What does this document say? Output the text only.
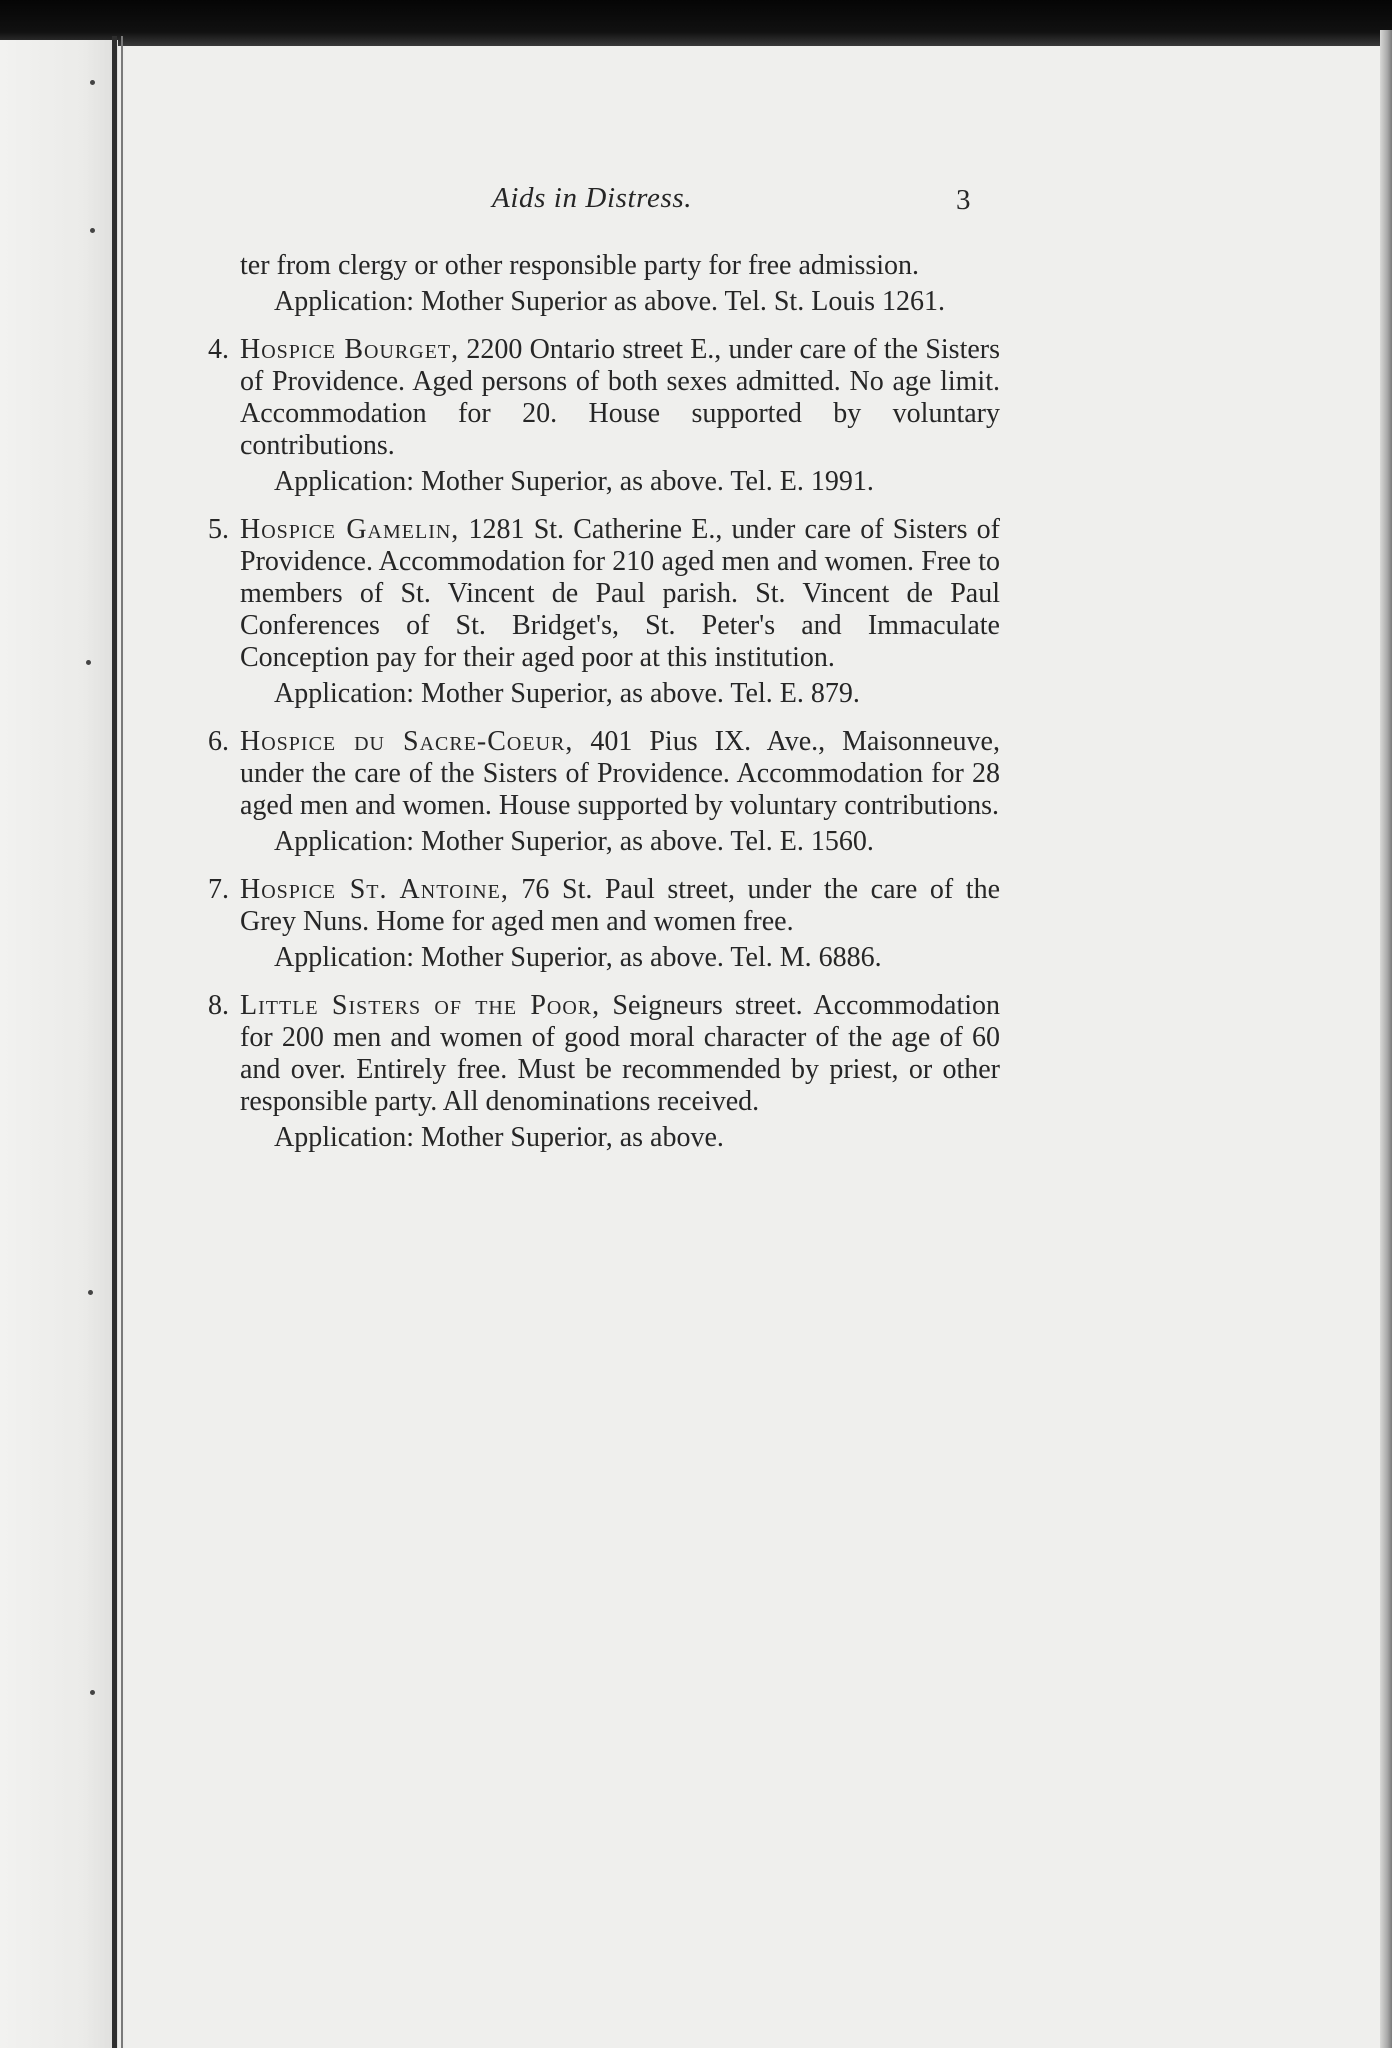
Aids in Distress.	3

ter from clergy or other responsible party for free admission.

Application: Mother Superior as above. Tel. St. Louis 1261.

4. Hospice Bourget, 2200 Ontario street E., under care of the Sisters of Providence. Aged persons of both sexes admitted. No age limit. Accommodation for 20. House supported by voluntary contributions.

Application: Mother Superior, as above. Tel. E. 1991.

5. Hospice Gamelin, 1281 St. Catherine E., under care of Sisters of Providence. Accommodation for 210 aged men and women. Free to members of St. Vincent de Paul parish. St. Vincent de Paul Conferences of St. Bridget's, St. Peter's and Immaculate Conception pay for their aged poor at this institution.

Application: Mother Superior, as above. Tel. E. 879.

6. Hospice du Sacre-Coeur, 401 Pius IX. Ave., Maisonneuve, under the care of the Sisters of Providence. Accommodation for 28 aged men and women. House supported by voluntary contributions.

Application: Mother Superior, as above. Tel. E. 1560.

7. Hospice St. Antoine, 76 St. Paul street, under the care of the Grey Nuns. Home for aged men and women free.

Application: Mother Superior, as above. Tel. M. 6886.

8. Little Sisters of the Poor, Seigneurs street. Accommodation for 200 men and women of good moral character of the age of 60 and over. Entirely free. Must be recommended by priest, or other responsible party. All denominations received.

Application: Mother Superior, as above.
